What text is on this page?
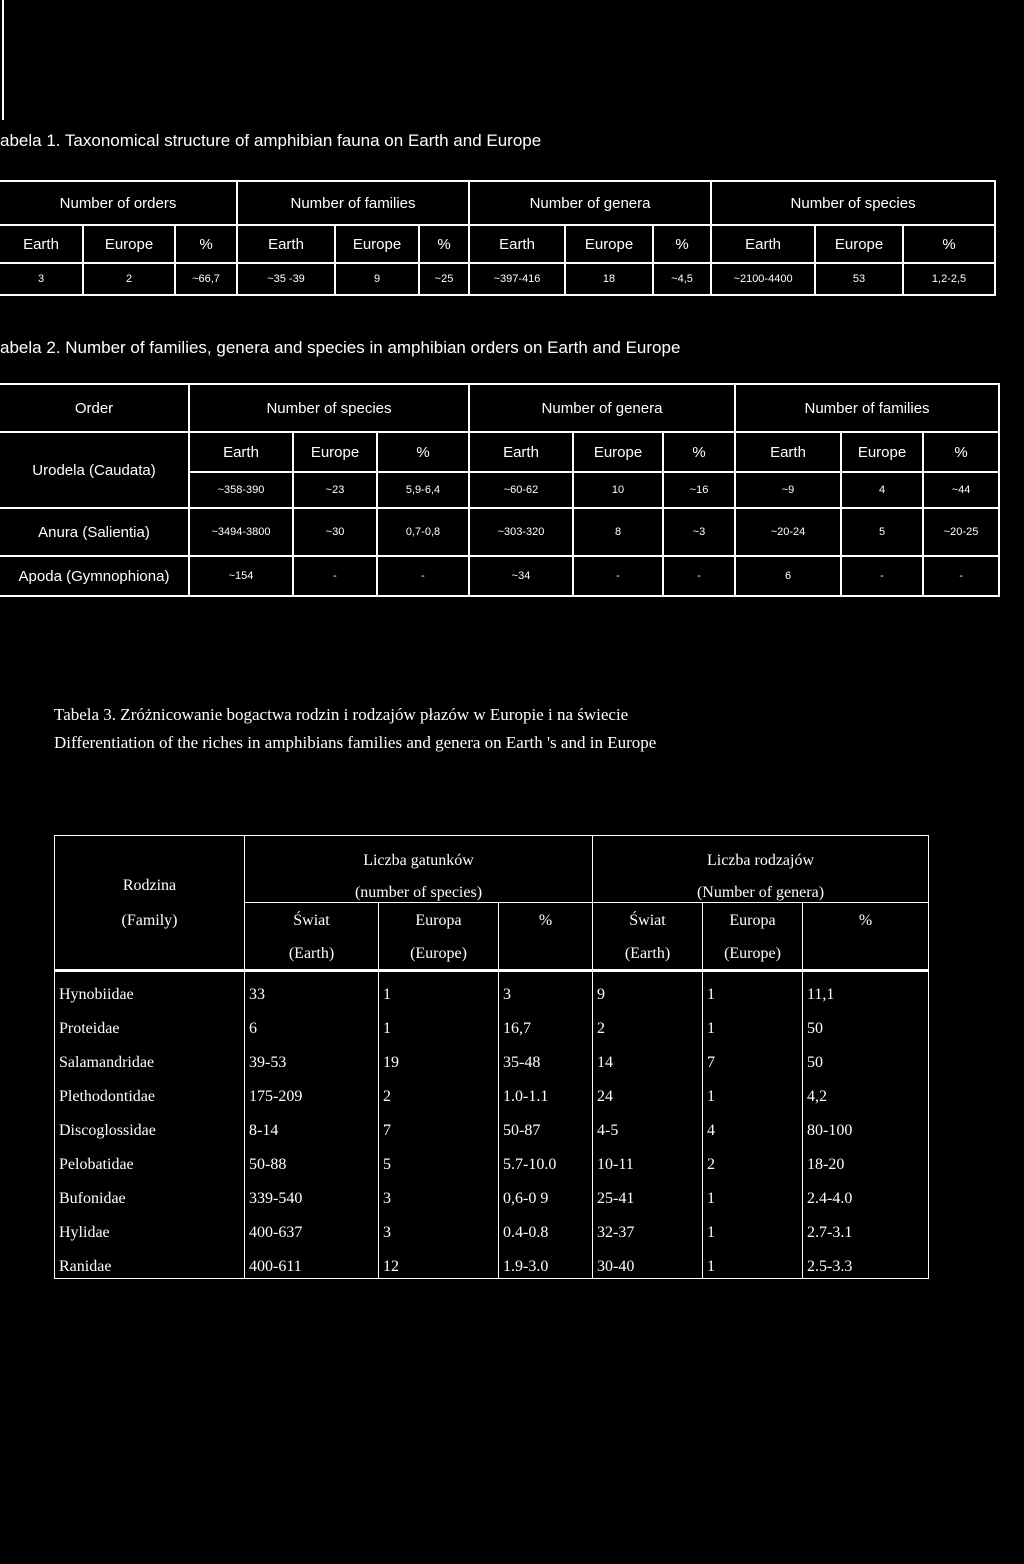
abela 1. Taxonomical structure of amphibian fauna on Earth and Europe
Number of orders			Number of families			Number of genera			Number of species		
Earth	Europe	%	Earth	Europe	%	Earth	Europe	%	Earth	Europe	%
3	2	~66,7	~35 -39	9	~25	~397-416	18	~4,5	~2100-4400	53	1,2-2,5
abela 2. Number of families, genera and species in amphibian orders on Earth and Europe
Order	Number of species			Number of genera			Number of families		
Urodela (Caudata)	Earth	Europe	%	Earth	Europe	%	Earth	Europe	%
	~358-390	~23	5,9-6,4	~60-62	10	~16	~9	4	~44
Anura (Salientia)	~3494-3800	~30	0,7-0,8	~303-320	8	~3	~20-24	5	~20-25
Apoda (Gymnophiona)	~154	-	-	~34	-	-	6	-	-
Tabela 3. Zróżnicowanie bogactwa rodzin i rodzajów płazów w Europie i na świecie
Differentiation of the riches in amphibians families and genera on Earth 's and in Europe
Rodzina	Liczba gatunków			Liczba rodzajów		
	(number of species)			(Number of genera)		
(Family)	Świat	Europa	%	Świat	Europa	%
	(Earth)	(Europe)		(Earth)	(Europe)	
Hynobiidae	33	1	3	9	1	11,1
Proteidae	6	1	16,7	2	1	50
Salamandridae	39-53	19	35-48	14	7	50
Plethodontidae	175-209	2	1.0-1.1	24	1	4,2
Discoglossidae	8-14	7	50-87	4-5	4	80-100
Pelobatidae	50-88	5	5.7-10.0	10-11	2	18-20
Bufonidae	339-540	3	0,6-0 9	25-41	1	2.4-4.0
Hylidae	400-637	3	0.4-0.8	32-37	1	2.7-3.1
Ranidae	400-611	12	1.9-3.0	30-40	1	2.5-3.3
